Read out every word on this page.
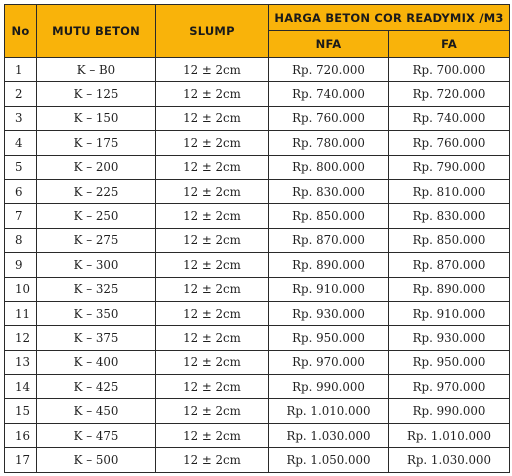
No	MUTU BETON	SLUMP	HARGA BETON COR READYMIX /M3	
			NFA	FA
1	K – B0	12 ± 2cm	Rp. 720.000	Rp. 700.000
2	K – 125	12 ± 2cm	Rp. 740.000	Rp. 720.000
3	K – 150	12 ± 2cm	Rp. 760.000	Rp. 740.000
4	K – 175	12 ± 2cm	Rp. 780.000	Rp. 760.000
5	K – 200	12 ± 2cm	Rp. 800.000	Rp. 790.000
6	K – 225	12 ± 2cm	Rp. 830.000	Rp. 810.000
7	K – 250	12 ± 2cm	Rp. 850.000	Rp. 830.000
8	K – 275	12 ± 2cm	Rp. 870.000	Rp. 850.000
9	K – 300	12 ± 2cm	Rp. 890.000	Rp. 870.000
10	K – 325	12 ± 2cm	Rp. 910.000	Rp. 890.000
11	K – 350	12 ± 2cm	Rp. 930.000	Rp. 910.000
12	K – 375	12 ± 2cm	Rp. 950.000	Rp. 930.000
13	K – 400	12 ± 2cm	Rp. 970.000	Rp. 950.000
14	K – 425	12 ± 2cm	Rp. 990.000	Rp. 970.000
15	K – 450	12 ± 2cm	Rp. 1.010.000	Rp. 990.000
16	K – 475	12 ± 2cm	Rp. 1.030.000	Rp. 1.010.000
17	K – 500	12 ± 2cm	Rp. 1.050.000	Rp. 1.030.000
